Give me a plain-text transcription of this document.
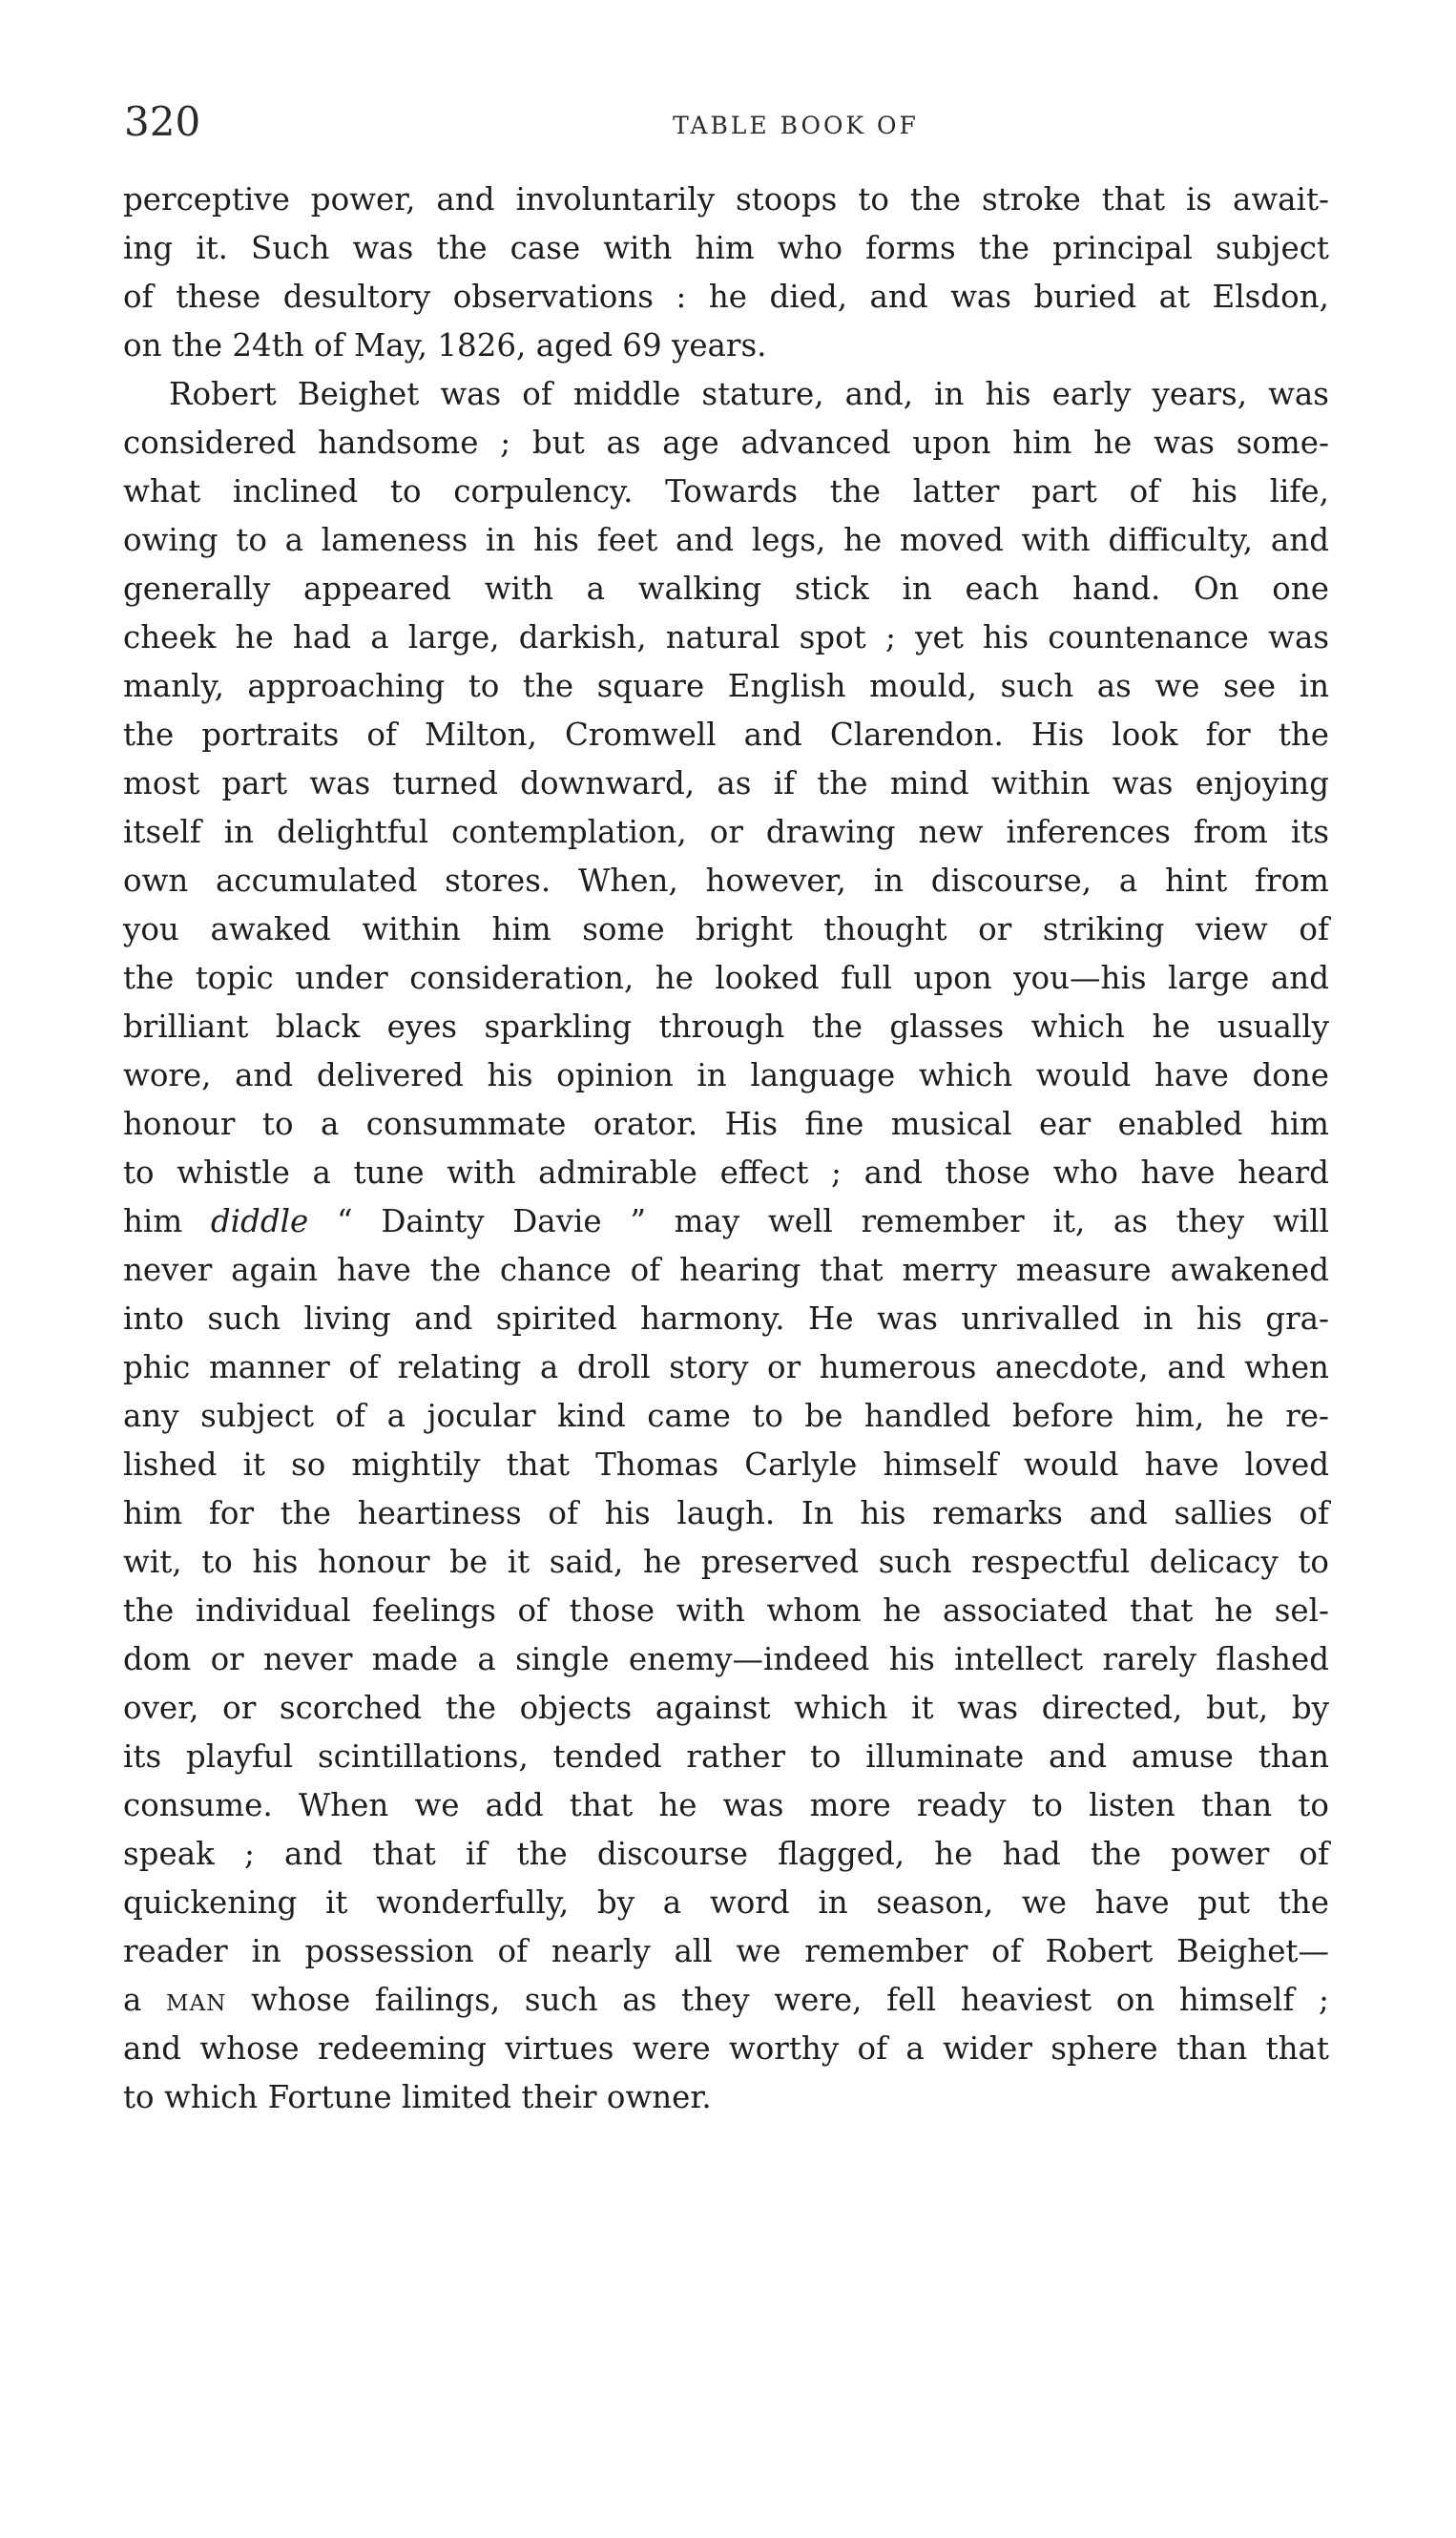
320	TABLE BOOK OF
perceptive power, and involuntarily stoops to the stroke that is await-
ing it. Such was the case with him who forms the principal subject
of these desultory observations : he died, and was buried at Elsdon,
on the 24th of May, 1826, aged 69 years.
Robert Beighet was of middle stature, and, in his early years, was
considered handsome ; but as age advanced upon him he was some-
what inclined to corpulency. Towards the latter part of his life,
owing to a lameness in his feet and legs, he moved with difficulty, and
generally appeared with a walking stick in each hand. On one
cheek he had a large, darkish, natural spot ; yet his countenance was
manly, approaching to the square English mould, such as we see in
the portraits of Milton, Cromwell and Clarendon. His look for the
most part was turned downward, as if the mind within was enjoying
itself in delightful contemplation, or drawing new inferences from its
own accumulated stores. When, however, in discourse, a hint from
you awaked within him some bright thought or striking view of
the topic under consideration, he looked full upon you—his large and
brilliant black eyes sparkling through the glasses which he usually
wore, and delivered his opinion in language which would have done
honour to a consummate orator. His fine musical ear enabled him
to whistle a tune with admirable effect ; and those who have heard
him diddle “ Dainty Davie ” may well remember it, as they will
never again have the chance of hearing that merry measure awakened
into such living and spirited harmony. He was unrivalled in his gra-
phic manner of relating a droll story or humerous anecdote, and when
any subject of a jocular kind came to be handled before him, he re-
lished it so mightily that Thomas Carlyle himself would have loved
him for the heartiness of his laugh. In his remarks and sallies of
wit, to his honour be it said, he preserved such respectful delicacy to
the individual feelings of those with whom he associated that he sel-
dom or never made a single enemy—indeed his intellect rarely flashed
over, or scorched the objects against which it was directed, but, by
its playful scintillations, tended rather to illuminate and amuse than
consume. When we add that he was more ready to listen than to
speak ; and that if the discourse flagged, he had the power of
quickening it wonderfully, by a word in season, we have put the
reader in possession of nearly all we remember of Robert Beighet—
a man whose failings, such as they were, fell heaviest on himself ;
and whose redeeming virtues were worthy of a wider sphere than that
to which Fortune limited their owner.
